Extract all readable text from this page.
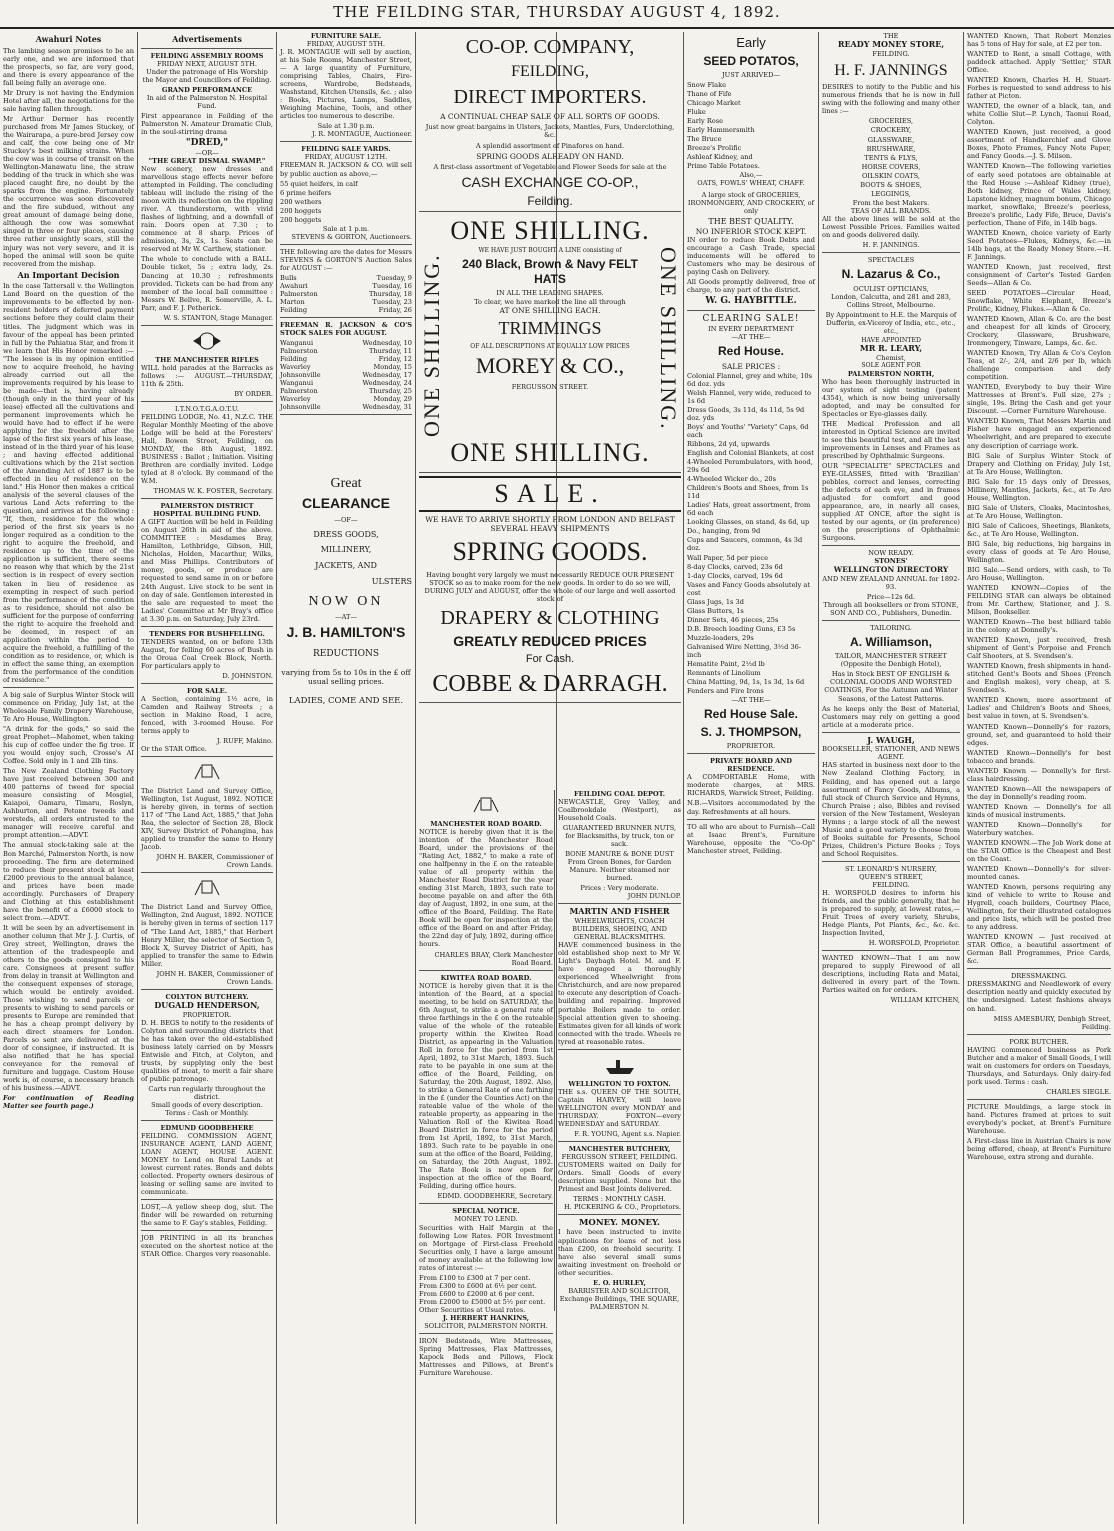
THE FEILDING STAR, THURSDAY AUGUST 4, 1892.
Awahuri Notes

The lambing season promises to be an early one, and we are informed that the prospects, so far, are very good, and there is every appearance of the fall being fully an average one.

Mr Drury is not having the Endymion Hotel after all, the negotiations for the sale having fallen through.

Mr Arthur Dermer has recently purchased from Mr James Stuckey, of the Wairarapa, a pure-bred Jersey cow and calf, the cow being one of Mr Stuckey's best milking strains. When the cow was in course of transit on the Wellington-Manawatu line, the straw bedding of the truck in which she was placed caught fire, no doubt by the sparks from the engine. Fortunately the occurrence was soon discovered and the fire subdued, without any great amount of damage being done, although the cow was somewhat singed in three or four places, causing three rather unsightly scars, still the injury was not very severe, and it is hoped the animal will soon be quite recovered from the mishap.

An Important Decision

In the case Tattersall v. the Wellington Land Board on the question of the improvements to be effected by non-resident holders of deferred payment sections before they could claim their titles. The judgment which was in favour of the appeal has been printed in full by the Pahiatua Star, and from it we learn that His Honor remarked :— "The lessee is in my opinion entitled now to acquire freehold, he having already carried out all the improvements required by his lease to be made—that is, having already (though only in the third year of his lease) effected all the cultivations and permanent improvements which he would have had to effect if he were applying for the freehold after the lapse of the first six years of his lease, instead of in the third year of his lease ; and having effected additional cultivations which by the 21st section of the Amending Act of 1887 is to be effected in lieu of residence on the land." His Honor then makes a critical analysis of the several clauses of the various Land Acts referring to the question, and arrives at the following : "If, then, residence for the whole period of the first six years is no longer required as a condition to the right to acquire the freehold, and residence up to the time of the application is sufficient, there seems no reason why that which by the 21st section is in respect of every section taken in lieu of residence as exempting in respect of such period from the performance of the condition as to residence, should not also be sufficient for the purpose of conferring the right to acquire the freehold and be deemed, in respect of an application within the period to acquire the freehold, a fulfilling of the condition as to residence, or, which is in effect the same thing, an exemption from the performance of the condition of residence."

A big sale of Surplus Winter Stock will commence on Friday, July 1st, at the Wholesale Family Drapery Warehouse, Te Aro House, Wellington.

"A drink for the gods," so said the great Prophet—Mahomet, when taking his cup of coffee under the fig tree. If you would enjoy such, Crosse's AI Coffee. Sold only in 1 and 2lb tins.

The New Zealand Clothing Factory have just received between 300 and 400 patterns of tweed for special measure consisting of Mosgiel, Kaiapoi, Oamaru, Timaru, Roslyn, Ashburton, and Petone tweeds and worsteds, all orders entrusted to the manager will receive careful and prompt attention.—ADVT.

The annual stock-taking sale at the Bon Marché, Palmerston North, is now proceeding. The firm are determined to reduce their present stock at least £2000 previous to the annual balance, and prices have been made accordingly. Purchasers of Drapery and Clothing at this establishment have the benefit of a £6000 stock to select from.—ADVT.

It will be seen by an advertisement in another column that Mr J. J. Curtis, of Grey street, Wellington, draws the attention of the tradespeople and others to the goods consigned to his care. Consignees at present suffer from delay in transit at Wellington and the consequent expenses of storage, which would be entirely avoided. Those wishing to send parcels or presents to wishing to send parcels or presents to Europe are reminded that he has a cheap prompt delivery by each direct steamers for London. Parcels so sent are delivered at the door of consignee, if instructed. It is also notified that he has special conveyance for the removal of furniture and luggage. Custom House work is, of course, a necessary branch of his business.—ADVT.

For continuation of Reading Matter see fourth page.)

Advertisements
FEILDING ASSEMBLY ROOMS
FRIDAY NEXT, AUGUST 5TH.

Under the patronage of His Worship the Mayor and Councillors of Feilding.

GRAND PERFORMANCE

In aid of the Palmerston N. Hospital Fund.

First appearance in Feilding of the Palmerston N. Amateur Dramatic Club, in the soul-stirring drama

"DRED,"
—OR—
"THE GREAT DISMAL SWAMP."

New scenery, new dresses and marvellous stage effects never before attempted in Feilding. The concluding tableau will include the rising of the moon with its reflection on the rippling river. A thunderstorm, with vivid flashes of lightning, and a downfall of rain. Doors open at 7.30 ; to commence at 8 sharp. Prices of admission, 3s, 2s, 1s. Seats can be reserved at Mr W. Carthew, stationer.

The whole to conclude with a BALL. Double ticket, 5s ; extra lady, 2s. Dancing at 10.30 ; refreshments provided. Tickets can be had from any member of the local ball committee : Messrs W. Bellve, R. Somerville, A. L. Parr, and F. J. Petherick.

W. S. STANTON, Stage Manager.
THE MANCHESTER RIFLES

WILL hold parades at the Barracks as follows :— AUGUST.—THURSDAY, 11th & 25th.

BY ORDER.
I.T.N.O.T.G.A.O.T.U.

FEILDING LODGE, No. 41, N.Z.C. THE Regular Monthly Meeting of the above Lodge will be held at the Foresters' Hall, Bowen Street, Feilding, on MONDAY, the 8th August, 1892. BUSINESS : Ballot ; Initiation. Visiting Brethren are cordially invited. Lodge tyled at 8 o'clock. By command of the W.M.

THOMAS W. K. FOSTER, Secretary.
PALMERSTON DISTRICT HOSPITAL BUILDING FUND.

A GIFT Auction will be held in Feilding on August 26th in aid of the above. COMMITTEE : Mesdames Bray, Hamilton, Lethbridge, Gibson, Hill, Nicholas, Holden, Macarthur, Wilks, and Miss Phillips. Contributors of money, goods, or produce are requested to send same in on or before 24th August. Live stock to be sent in on day of sale. Gentlemen interested in the sale are requested to meet the Ladies' Committee at Mr Bray's office at 3.30 p.m. on Saturday, July 23rd.

TENDERS FOR BUSHFELLING.

TENDERS wanted, on or before 13th August, for felling 60 acres of Bush in the Oroua Coal Creek Block, North. For particulars apply to

D. JOHNSTON.
FOR SALE.

A Section, containing 1½ acre, in Camden and Railway Streets ; a section in Makino Road, 1 acre, fenced, with 3-roomed House. For terms apply to

J. RUFF, Makino.
Or the STAR Office.

The District Land and Survey Office, Wellington, 1st August, 1892. NOTICE is hereby given, in terms of section 117 of "The Land Act, 1885," that John Rea, the selector of Section 28, Block XIV, Survey District of Pohangina, has applied to transfer the same to Henry Jacob.

JOHN H. BAKER, Commissioner of Crown Lands.

The District Land and Survey Office, Wellington, 2nd August, 1892. NOTICE is hereby given in terms of section 117 of "The Land Act, 1885," that Herbert Henry Miller, the selector of Section 5, Block X, Survey District of Apiti, has applied to transfer the same to Edwin Miller.

JOHN H. BAKER, Commissioner of Crown Lands.
COLYTON BUTCHERY.
DUGALD HENDERSON,
PROPRIETOR.

D. H. BEGS to notify to the residents of Colyton and surrounding districts that he has taken over the old-established business lately carried on by Messrs Entwisle and Fitch, at Colyton, and trusts, by supplying only the best qualities of meat, to merit a fair share of public patronage.

Carts run regularly throughout the district.
Small goods of every description.
Terms : Cash or Monthly.
EDMUND GOODBEHERE

FEILDING. COMMISSION AGENT, INSURANCE AGENT, LAND AGENT, LOAN AGENT, HOUSE AGENT. MONEY to Lend on Rural Lands at lowest current rates. Bonds and debts collected. Property owners desirous of leasing or selling same are invited to communicate.

LOST,—A yellow sheep dog, slut. The finder will be rewarded on returning the same to F. Gay's stables, Feilding.

JOB PRINTING in all its branches executed on the shortest notice at the STAR Office. Charges very reasonable.

FURNITURE SALE.
FRIDAY, AUGUST 5TH.

J. R. MONTAGUE will sell by auction, at his Sale Rooms, Manchester Street,— A large quantity of Furniture, comprising Tables, Chairs, Fire-screens, Wardrobe, Bedsteads, Washstand, Kitchen Utensils, &c. ; also : Books, Pictures, Lamps, Saddles, Weighing Machine, Tools, and other articles too numerous to describe.

Sale at 1.30 p.m.
J. R. MONTAGUE, Auctioneer.
FEILDING SALE YARDS.
FRIDAY, AUGUST 12TH.

FREEMAN R. JACKSON & CO. will sell by public auction as above,—

55 quiet heifers, in calf
6 prime heifers
200 wethers
200 hoggets
200 hoggets
Sale at 1 p.m.
STEVENS & GORTON, Auctioneers.

THE following are the dates for Messrs STEVENS & GORTON'S Auction Sales for AUGUST :—

Bulls	Tuesday, 9
Awahuri	Tuesday, 16
Palmerston	Thursday, 18
Marton	Tuesday, 23
Feilding	Friday, 26

FREEMAN R. JACKSON & CO'S STOCK SALES FOR AUGUST.

Wanganui	Wednesday, 10
Palmerston	Thursday, 11
Feilding	Friday, 12
Waverley	Monday, 15
Johnsonville	Wednesday, 17
Wanganui	Wednesday, 24
Palmerston	Thursday, 25
Waverley	Monday, 29
Johnsonville	Wednesday, 31
Great
CLEARANCE
—OF—
DRESS GOODS,
MILLINERY,
JACKETS, AND
ULSTERS
NOW ON
—AT—
J. B. HAMILTON'S
REDUCTIONS

varying from 5s to 10s in the £ off usual selling prices.

LADIES, COME AND SEE.
CO-OP. COMPANY,
FEILDING,
DIRECT IMPORTERS.

A CONTINUAL CHEAP SALE OF ALL SORTS OF GOODS.

Just now great bargains in Ulsters, Jackets, Mantles, Furs, Underclothing, &c.

A splendid assortment of Pinafores on hand.

SPRING GOODS ALREADY ON HAND.

A first-class assortment of Vegetable and Flower Seeds for sale at the

CASH EXCHANGE CO-OP.,
Feilding.
ONE SHILLING.
ONE SHILLING.	ONE SHILLING.
WE HAVE JUST BOUGHT A LINE consisting of
240 Black, Brown & Navy FELT HATS
IN ALL THE LEADING SHAPES.
To clear, we have marked the line all through
AT ONE SHILLING EACH.
TRIMMINGS
OF ALL DESCRIPTIONS AT EQUALLY LOW PRICES
MOREY & CO.,
FERGUSSON STREET.
ONE SHILLING.
SALE.

WE HAVE TO ARRIVE SHORTLY FROM LONDON AND BELFAST SEVERAL HEAVY SHIPMENTS

SPRING GOODS.

Having bought very largely we must necessarily REDUCE OUR PRESENT STOCK so as to make room for the new goods. In order to do so we will, DURING JULY and AUGUST, offer the whole of our large and well assorted stock of

DRAPERY & CLOTHING
GREATLY REDUCED PRICES
For Cash.
COBBE & DARRAGH.
MANCHESTER ROAD BOARD.

NOTICE is hereby given that it is the intention of the Manchester Road Board, under the provisions of the "Rating Act, 1882," to make a rate of one halfpenny in the £ on the rateable value of all property within the Manchester Road District for the year ending 31st March, 1893, such rate to become payable on and after the 6th day of August, 1892, in one sum, at the office of the Board, Feilding. The Rate Book will be open for inspection at the office of the Board on and after Friday, the 22nd day of July, 1892, during office hours.

CHARLES BRAY, Clerk Manchester Road Board.
KIWITEA ROAD BOARD.

NOTICE is hereby given that it is the intention of the Board, at a special meeting, to be held on SATURDAY, the 6th August, to strike a general rate of three farthings in the £ on the rateable value of the whole of the rateable property within the Kiwitea Road District, as appearing in the Valuation Roll in force for the period from 1st April, 1892, to 31st March, 1893. Such rate to be payable in one sum at the office of the Board, Feilding, on Saturday, the 20th August, 1892. Also, to strike a General Rate of one farthing in the £ (under the Counties Act) on the rateable value of the whole of the rateable property, as appearing in the Valuation Roll of the Kiwitea Road Board District in force for the period from 1st April, 1892, to 31st March, 1893. Such rate to be payable in one sum at the office of the Board, Feilding, on Saturday, the 20th August, 1892. The Rate Book is now open for inspection at the office of the Board, Feilding, during office hours.

EDMD. GOODBEHERE, Secretary.
SPECIAL NOTICE.
MONEY TO LEND.

Securities with Half Margin at the following Low Rates. FOR Investment on Mortgage of First-class Freehold Securities only, I have a large amount of money available at the following low rates of interest :—

From £100 to £300 at 7 per cent.
From £300 to £600 at 6½ per cent.
From £600 to £2000 at 6 per cent.
From £2000 to £5000 at 5½ per cent.
Other Securities at Usual rates.
J. HERBERT HANKINS,
SOLICITOR, PALMERSTON NORTH.

IRON Bedsteads, Wire Mattresses, Spring Mattresses, Flax Mattresses, Kapock Beds and Pillows, Flock Mattresses and Pillows, at Brent's Furniture Warehouse.

FEILDING COAL DEPOT.

NEWCASTLE, Grey Valley, and Coalbrookdale (Westport), as Household Coals.

GUARANTEED BRUNNER NUTS, for Blacksmiths, by truck, ton or sack.

BONE MANURE & BONE DUST From Green Bones, for Garden Manure. Neither steamed nor burned.

Prices : Very moderate.
JOHN DUNLOP.
MARTIN AND FISHER
WHEELWRIGHTS, COACH BUILDERS, SHOEING, AND GENERAL BLACKSMITHS.

HAVE commenced business in the old established shop next to Mr W. Light's Daybagh Hotel. M. and F. have engaged a thoroughly experienced Wheelwright from Christchurch, and are now prepared to execute any description of Coach-building and repairing. Improved portable Boilers made to order. Special attention given to shoeing. Estimates given for all kinds of work connected with the trade. Wheels re tyred at reasonable rates.

WELLINGTON TO FOXTON.

THE s.s. QUEEN OF THE SOUTH, Captain HARVEY, will leave WELLINGTON every MONDAY and THURSDAY. FOXTON—every WEDNESDAY and SATURDAY.

F. R. YOUNG, Agent s.s. Napier.
MANCHESTER BUTCHERY,
FERGUSSON STREET, FEILDING.

CUSTOMERS waited on Daily for Orders. Small Goods of every description supplied. None but the Primest and Best Joints delivered.

TERMS : MONTHLY CASH.
H. PICKERING & CO., Proprietors.
MONEY. MONEY.

I have been instructed to invite applications for loans of not less than £200, on freehold security. I have also several small sums awaiting investment on freehold or other securities.

E. O. HURLEY,
BARRISTER AND SOLICITOR, Exchange Buildings, THE SQUARE, PALMERSTON N.
Early
SEED POTATOS,
JUST ARRIVED—
Snow Flake
Thane of Fife
Chicago Market
Fluke
Early Rose
Early Hammersmith
The Bruce
Breeze's Prolific
Ashleaf Kidney, and
Prime Table Potatoes.
Also,—
OATS, FOWLS' WHEAT, CHAFF.

A large stock of GROCERIES, IRONMONGERY, AND CROCKERY, of only

THE BEST QUALITY.
NO INFERIOR STOCK KEPT.

IN order to reduce Book Debts and encourage a Cash Trade, special inducements will be offered to Customers who may be desirous of paying Cash on Delivery.

All Goods promptly delivered, free of charge, to any part of the district.

W. G. HAYBITTLE.
CLEARING SALE!
IN EVERY DEPARTMENT
—AT THE—
Red House.
SALE PRICES :
Colonial Flannel, grey and white, 10s 6d doz. yds
Welsh Flannel, very wide, reduced to 1s 6d
Dress Goods, 3s 11d, 4s 11d, 5s 9d doz. yds
Boys' and Youths' "Variety" Caps, 6d each
Ribbons, 2d yd, upwards
English and Colonial Blankets, at cost
4-Wheeled Perambulators, with hood, 29s 6d
4-Wheeled Wicker do., 20s
Children's Boots and Shoes, from 1s 11d
Ladies' Hats, great assortment, from 6d each
Looking Glasses, on stand, 4s 6d, up
Do., hanging, from 9d
Cups and Saucers, common, 4s 3d doz.
Wall Paper, 5d per piece
8-day Clocks, carved, 23s 6d
1-day Clocks, carved, 19s 6d
Vases and Fancy Goods absolutely at cost
Glass Jugs, 1s 3d
Glass Butters, 1s
Dinner Sets, 46 pieces, 25s
D.B. Breech loading Guns, £3 5s
Muzzle-loaders, 29s
Galvanised Wire Netting, 3½d 36-inch
Hematite Paint, 2½d lb
Remnants of Linolium
China Matting, 9d, 1s, 1s 3d, 1s 6d
Fenders and Fire Irons
—AT THE—
Red House Sale.
S. J. THOMPSON,
PROPRIETOR.
PRIVATE BOARD AND RESIDENCE.

A COMFORTABLE Home, with moderate charges, at MRS. RICHARDS, Warwick Street, Feilding.

N.B.—Visitors accommodated by the day. Refreshments at all hours.

TO all who are about to Furnish—Call at Isaac Brent's, Furniture Warehouse, opposite the "Co-Op" Manchester street, Feilding.

THE
READY MONEY STORE,
FEILDING.
H. F. JANNINGS

DESIRES to notify to the Public and his numerous friends that he is now in full swing with the following and many other lines :—

GROCERIES,
CROCKERY,
GLASSWARE,
BRUSHWARE,
TENTS & FLYS,
HORSE COVERS,
OILSKIN COATS,
BOOTS & SHOES,
LEGGINGS,
From the best Makers.
TEAS OF ALL BRANDS.

All the above lines will be sold at the Lowest Possible Prices. Families waited on and goods delivered daily.

H. F. JANNINGS.
SPECTACLES
N. Lazarus & Co.,
OCULIST OPTICIANS,

London, Calcutta, and 281 and 283, Collins Street, Melbourne.

By Appointment to H.E. the Marquis of Dufferin, ex-Viceroy of India, etc., etc., etc.,

HAVE APPOINTED
MR R. LEARY,
Chemist,
SOLE AGENT FOR
PALMERSTON NORTH,

Who has been thoroughly instructed in our system of sight testing (patent 4354), which is now being universally adopted, and may be consulted for Spectacles or Eye-glasses daily.

THE Medical Profession and all interested in Optical Science are invited to see this beautiful test, and all the last improvements in Lenses and Frames as prescribed by Ophthalmic Surgeons.

OUR "SPECIALITE" SPECTACLES and EYE-GLASSES, fitted with 'Brazilian' pebbles, correct and lenses, correcting the defects of each eye, and in frames adjusted for comfort and good appearance, are, in nearly all cases, supplied AT ONCE, after the sight is tested by our agents, or (in preference) on the prescriptions of Ophthalmic Surgeons.

NOW READY.
STONES'
WELLINGTON DIRECTORY

AND NEW ZEALAND ANNUAL for 1892-93.

Price—12s 6d.

Through all booksellers or from STONE, SON AND CO., Publishers, Dunedin.

TAILORING.
A. Williamson,

TAILOR, MANCHESTER STREET (Opposite the Denbigh Hotel),

Has in Stock BEST OF ENGLISH & COLONIAL GOODS AND WORSTED COATINGS, For the Autumn and Winter Seasons, of the Latest Patterns.

As he keeps only the Best of Material, Customers may rely on getting a good article at a moderate price.

J. WAUGH,
BOOKSELLER, STATIONER, AND NEWS AGENT.

HAS started in business next door to the New Zealand Clothing Factory, in Feilding, and has opened out a large assortment of Fancy Goods, Albums, a full stock of Church Service and Hymns, Church Praise ; also, Bibles and revised version of the New Testament, Wesleyan Hymns ; a large stock of all the newest Music and a good variety to choose from of Books suitable for Presents, School Prizes, Children's Picture Books ; Toys and School Requisites.

ST. LEONARD'S NURSERY,
QUEEN'S STREET,
FEILDING.

H. WORSFOLD desires to inform his friends, and the public generally, that he is prepared to supply, at lowest rates,— Fruit Trees of every variety, Shrubs, Hedge Plants, Pot Plants, &c., &c. &c. Inspection Invited,

H. WORSFOLD, Proprietor.

WANTED KNOWN—That I am now prepared to supply Firewood of all descriptions, including Rata and Matai, delivered in every part of the Town. Parties waited on for orders.

WILLIAM KITCHEN,

WANTED Known, That Robert Menzies has 5 tons of Hay for sale, at £2 per ton.

WANTED to Rent, a small Cottage, with paddock attached. Apply 'Settler,' STAR Office.

WANTED Known, Charles H. H. Stuart-Forbes is requested to send address to his father at Picton.

WANTED, the owner of a black, tan, and white Collie Slut—P. Lynch, Taonui Road, Colyton.

WANTED Known, just received, a good assortment of Handkerchief and Glove Boxes, Photo Frames, Fancy Note Paper, and Fancy Goods.—J. S. Milson.

WANTED Known—The following varieties of early seed potatoes are obtainable at the Red House :—Ashleaf Kidney (true), Both kidney, Prince of Wales kidney, Lapstone kidney, magnum bonum, Chicago market, snowflake, Breeze's peerless, Breeze's prolific, Lady Fife, Bruce, Davis's perfection, Thane of Fife, in 14lb bags.

WANTED Known, choice variety of Early Seed Potatoes—Flukes, Kidneys, &c.—in 14lb bags, at the Ready Money Store.—H. F. Jannings.

WANTED Known, just received, first consignment of Carter's Tested Garden Seeds—Allan & Co.

SEED POTATOES—Circular Head, Snowflake, White Elephant, Breeze's Prolific, Kidney, Flukes.—Allan & Co.

WANTED Known, Allan & Co. are the best and cheapest for all kinds of Grocery, Crockery, Glassware, Brushware, Ironmongery, Tinware, Lamps, &c. &c.

WANTED Known, Try Allan & Co's Ceylon Teas, at 2/-, 2/4, and 2/6 per lb, which challenge comparison and defy competition.

WANTED, Everybody to buy their Wire Mattresses at Brent's. Full size, 27s ; single, 19s. Bring the Cash and get your Discount. —Corner Furniture Warehouse.

WANTED Known, That Messrs Martin and Fisher have engaged an experienced Wheelwright, and are prepared to execute any description of carriage work.

BIG Sale of Surplus Winter Stock of Drapery and Clothing on Friday, July 1st, at Te Aro House, Wellington.

BIG Sale for 15 days only of Dresses, Millinery, Mantles, Jackets, &c., at Te Aro House, Wellington.

BIG Sale of Ulsters, Cloaks, Macintoshes, at Te Aro House, Wellington.

BIG Sale of Calicoes, Sheetings, Blankets, &c., at Te Aro House, Wellington.

BIG Sale, big reductions, big bargains in every class of goods at Te Aro House, Wellington.

BIG Sale.—Send orders, with cash, to Te Aro House, Wellington.

WANTED KNOWN—Copies of the FEILDING STAR can always be obtained from Mr. Carthew, Stationer, and J. S. Milson, Bookseller.

WANTED Known—The best billiard table in the colony at Donnelly's.

WANTED Known, just received, fresh shipment of Gent's Porpoise and French Calf Shooters, at S. Svendsen's.

WANTED Known, fresh shipments in hand-stitched Gent's Boots and Shoes (French and English makes), very cheap, at S. Svendsen's.

WANTED Known, more assortment of Ladies' and Children's Boots and Shoes, best value in town, at S. Svendsen's.

WANTED Known—Donnelly's for razors, ground, set, and guaranteed to hold their edges.

WANTED Known—Donnelly's for best tobacco and brands.

WANTED Known — Donnelly's for first-class hairdressing.

WANTED Known—All the newspapers of the day in Donnelly's reading room.

WANTED Known — Donnelly's for all kinds of musical instruments.

WANTED Known—Donnelly's for Waterbury watches.

WANTED KNOWN.—The Job Work done at the STAR Office is the Cheapest and Best on the Coast.

WANTED Known—Donnelly's for silver-mounted canes.

WANTED Known, persons requiring any kind of vehicle to write to Rouse and Hygrell, coach builders, Courtney Place, Wellington, for their illustrated catalogues and price lists, which will be posted free to any address.

WANTED KNOWN — Just received at STAR Office, a beautiful assortment of German Ball Programmes, Price Cards, &c.

DRESSMAKING.

DRESSMAKING and Needlework of every description neatly and quickly executed by the undersigned. Latest fashions always on hand.

MISS AMESBURY, Denbigh Street, Feilding.
PORK BUTCHER.

HAVING commenced business as Pork Butcher and a maker of Small Goods, I will wait on customers for orders on Tuesdays, Thursdays, and Saturdays. Only dairy-fed pork used. Terms : cash.

CHARLES SIEGLE.

PICTURE Mouldings, a large stock in hand. Pictures framed at prices to suit everybody's pocket, at Brent's Furniture Warehouse.

A First-class line in Austrian Chairs is now being offered, cheap, at Brent's Furniture Warehouse, extra strong and durable.
